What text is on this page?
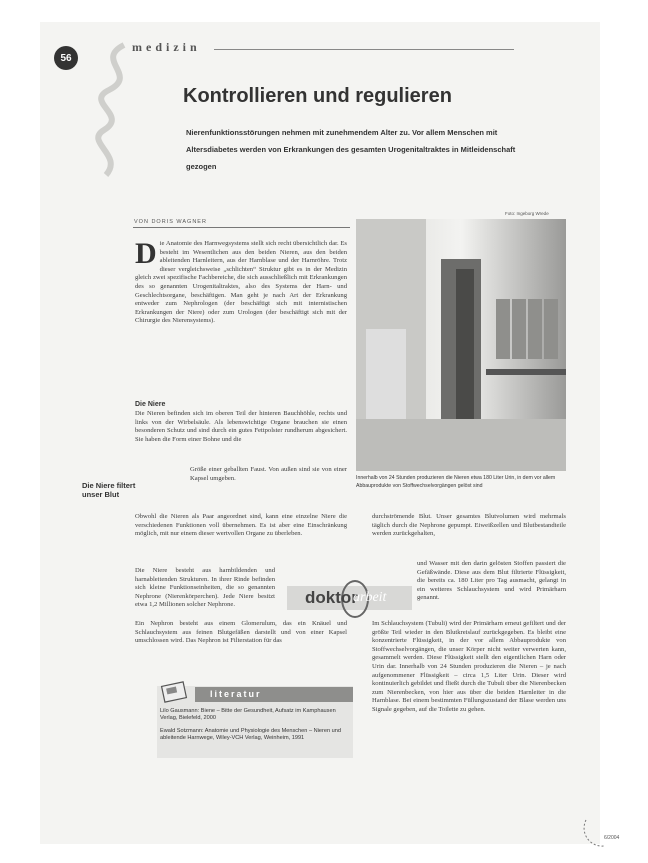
56
medizin
Kontrollieren und regulieren
Nierenfunktionsstörungen nehmen mit zunehmendem Alter zu. Vor allem Menschen mit Altersdiabetes werden von Erkrankungen des gesamten Urogenitaltraktes in Mitleidenschaft gezogen
VON DORIS WAGNER
Foto: Ingeborg Wrede
Innerhalb von 24 Stunden produzieren die Nieren etwa 180 Liter Urin, in dem vor allem Abbauprodukte von Stoffwechselvorgängen gelöst sind
Die Anatomie des Harnwegsystems stellt sich recht übersichtlich dar. Es besteht im Wesentlichen aus den beiden Nieren, aus den beiden ableitenden Harnleitern, aus der Harnblase und der Harnröhre. Trotz dieser vergleichsweise „schlichten“ Struktur gibt es in der Medizin gleich zwei spezifische Fachbereiche, die sich ausschließlich mit Erkrankungen des so genannten Urogenitaltraktes, also des Systems der Harn- und Geschlechtsorgane, beschäftigen. Man geht je nach Art der Erkrankung entweder zum Nephrologen (der beschäftigt sich mit internistischen Erkrankungen der Niere) oder zum Urologen (der beschäftigt sich mit der Chirurgie des Nierensystems).
Die Niere
Die Nieren befinden sich im oberen Teil der hinteren Bauchhöhle, rechts und links von der Wirbelsäule. Als lebenswichtige Organe brauchen sie einen besonderen Schutz und sind durch ein gutes Fettpolster rundherum abgesichert. Sie haben die Form einer Bohne und die
Größe einer geballten Faust. Von außen sind sie von einer Kapsel umgeben.
Die Niere filtert unser Blut
Obwohl die Nieren als Paar angeordnet sind, kann eine einzelne Niere die verschiedenen Funktionen voll übernehmen. Es ist aber eine Einschränkung möglich, mit nur einem dieser wertvollen Organe zu überleben.
Die Niere besteht aus harnbildenden und harnableitenden Strukturen. In ihrer Rinde befinden sich kleine Funktionseinheiten, die so genannten Nephrone (Nierenkörperchen). Jede Niere besitzt etwa 1,2 Millionen solcher Nephrone.
Ein Nephron besteht aus einem Glomerulum, das ein Knäuel und Schlauchsystem aus feinen Blutgefäßen darstellt und von einer Kapsel umschlossen wird. Das Nephron ist Filterstation für das
durchströmende Blut. Unser gesamtes Blutvolumen wird mehrmals täglich durch die Nephrone gepumpt. Eiweißzellen und Blutbestandteile werden zurückgehalten,
und Wasser mit den darin gelösten Stoffen passiert die Gefäßwände. Diese aus dem Blut filtrierte Flüssigkeit, die bereits ca. 180 Liter pro Tag ausmacht, gelangt in ein weiteres Schlauchsystem und wird Primärharn genannt.
Im Schlauchsystem (Tubuli) wird der Primärharn erneut gefiltert und der größte Teil wieder in den Blutkreislauf zurückgegeben. Es bleibt eine konzentrierte Flüssigkeit, in der vor allem Abbauprodukte von Stoffwechselvorgängen, die unser Körper nicht weiter verwerten kann, gesammelt werden. Diese Flüssigkeit stellt den eigentlichen Harn oder Urin dar. Innerhalb von 24 Stunden produzieren die Nieren – je nach aufgenommener Flüssigkeit – circa 1,5 Liter Urin. Dieser wird kontinuierlich gebildet und fließt durch die Tubuli über die Nierenbecken zum Nierenbecken, von hier aus über die beiden Harnleiter in die Harnblase. Bei einem bestimmten Füllungszustand der Blase werden uns Signale gegeben, auf die Toilette zu gehen.
doktor
arbeit
literatur
Lilo Gausmann: Biene – Bitte der Gesundheit, Aufsatz im Kamphausen Verlag, Bielefeld, 2000
Ewald Sotzmann: Anatomie und Physiologie des Menschen – Nieren und ableitende Harnwege, Wiley-VCH Verlag, Weinheim, 1991
6/2004
